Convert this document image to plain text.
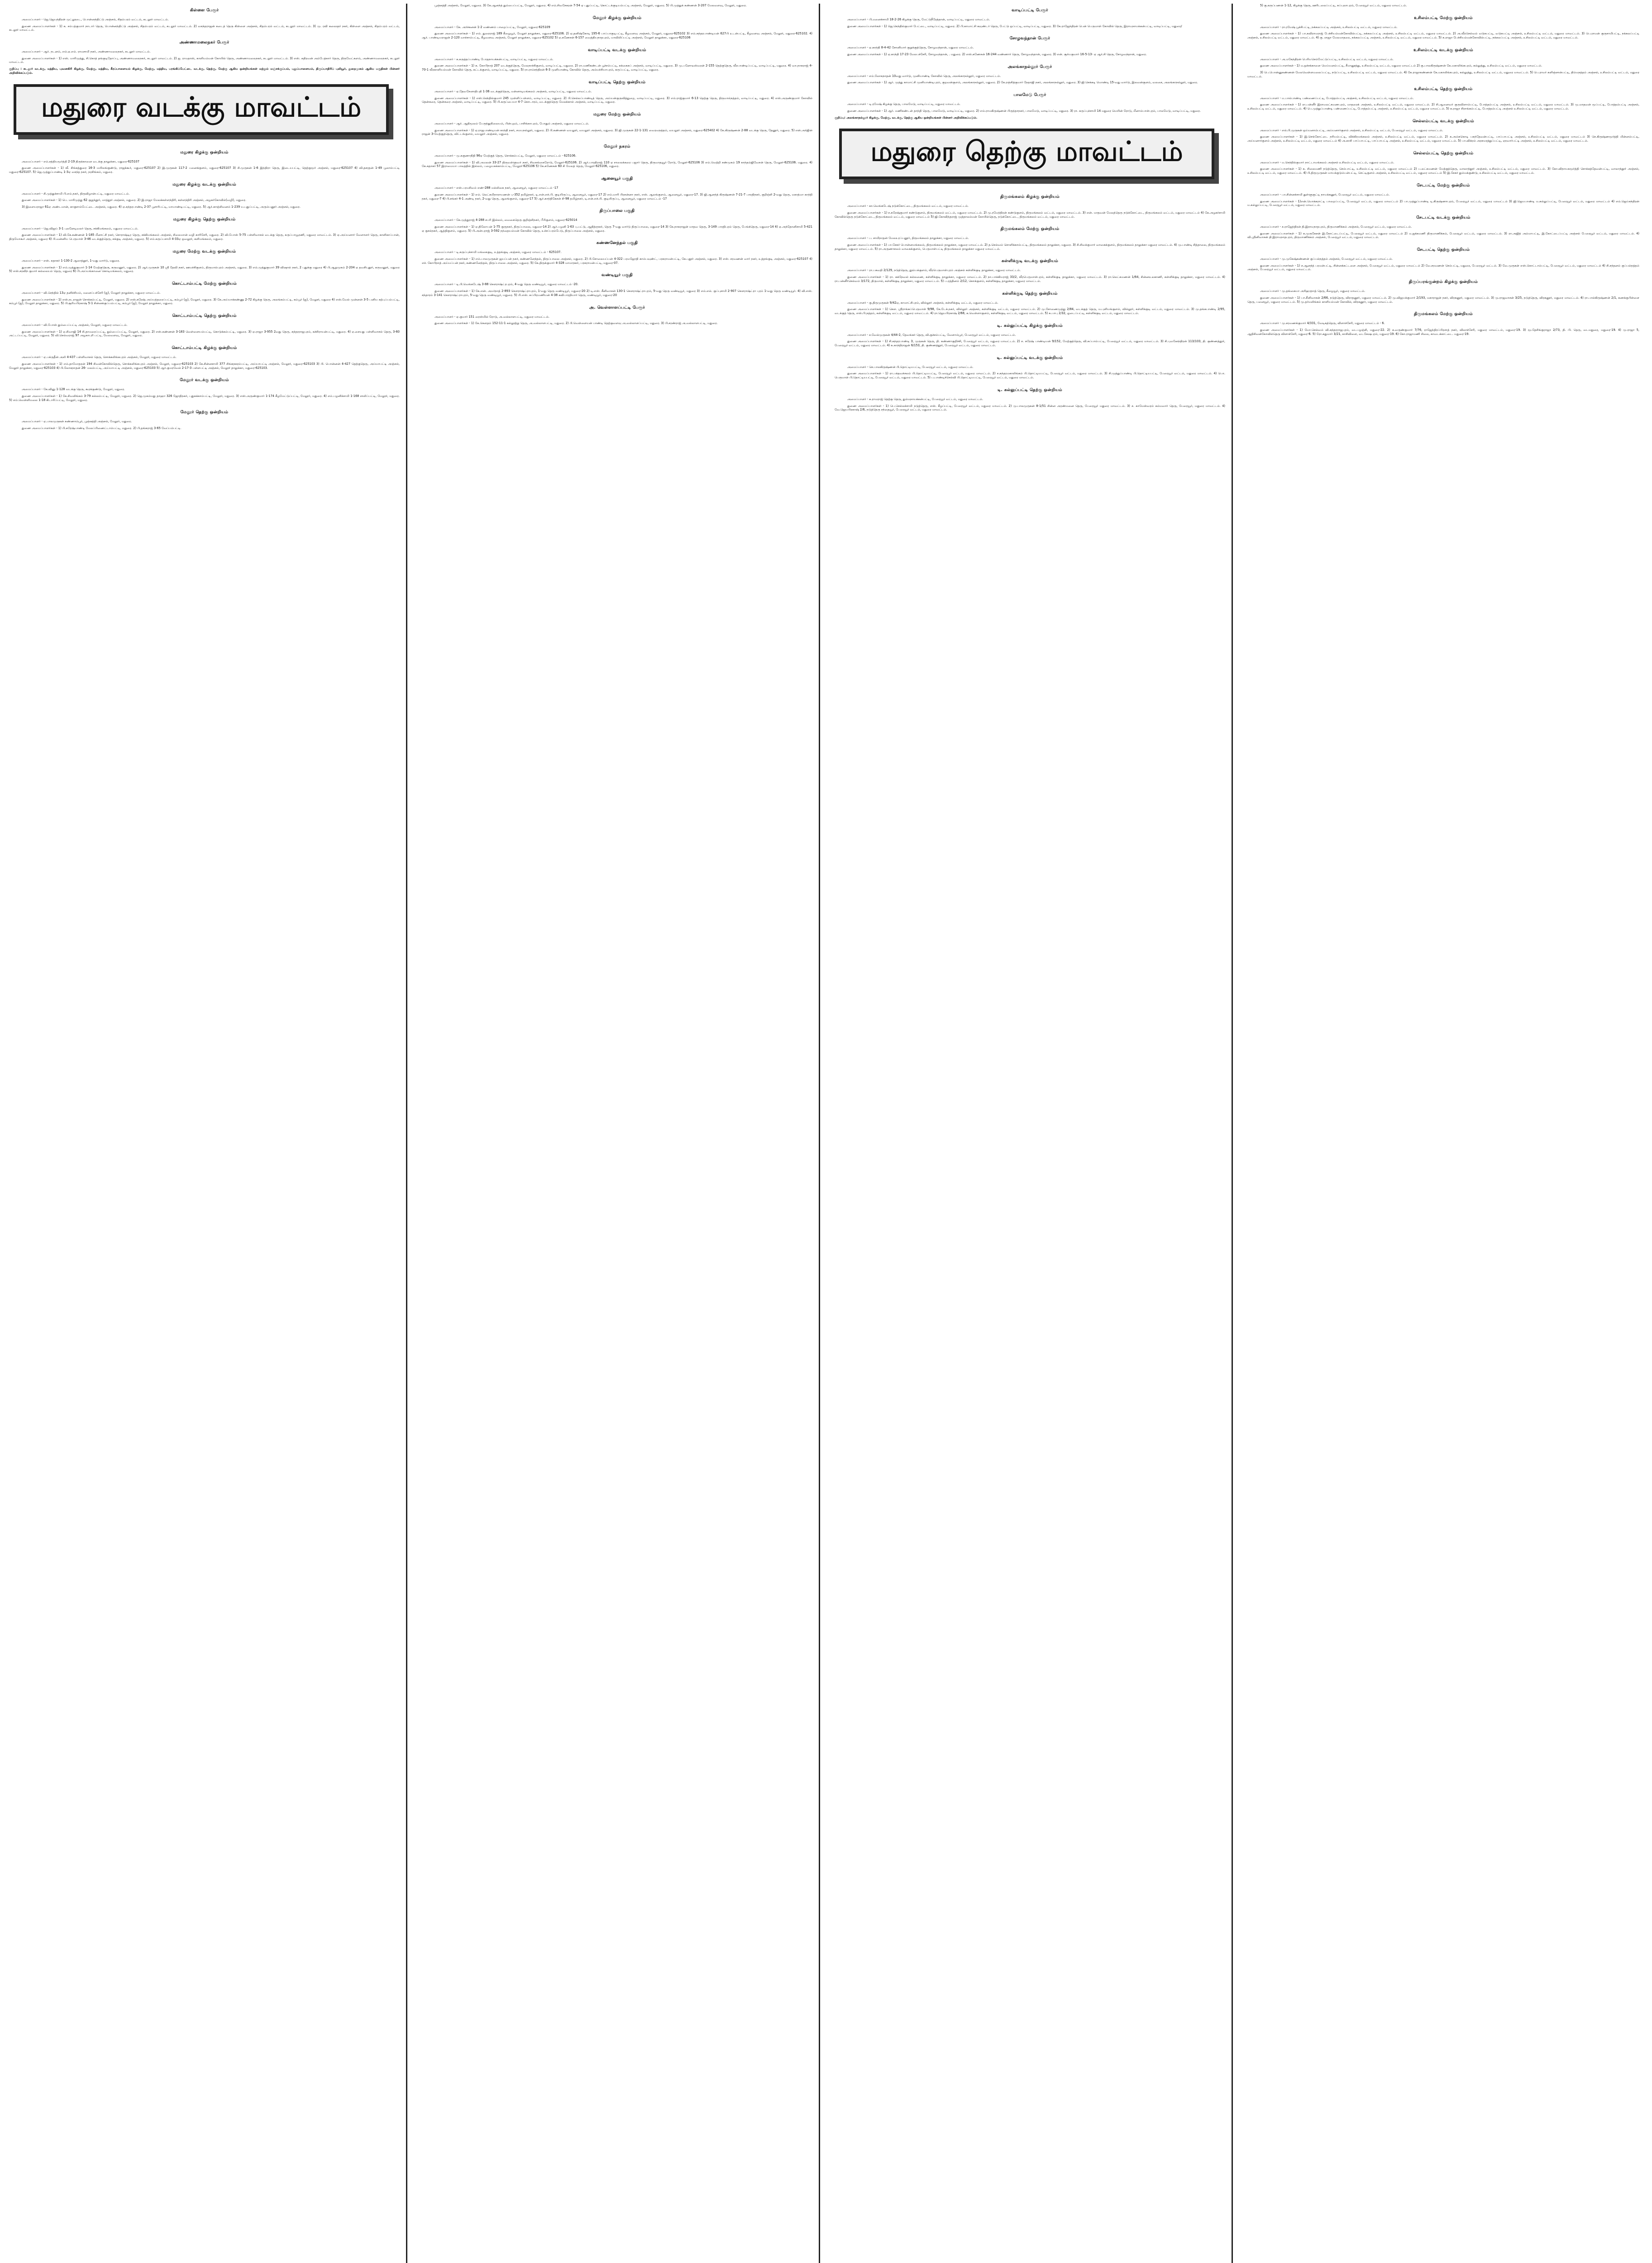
கிள்ளை பேரூர்

அமைப்பாளர் - ஜெ.ஜெயந்திரன் முட்லூடை, பொன்னந்திட்டு அஞ்சல், சிதம்பரம் வட்டம், கடலூர் மாவட்டம்.

துணை அமைப்பாளர்கள் - 1) க. சம்பத்குமார் நாடார் தெரு, பொன்னந்திட்டு அஞ்சல், சிதம்பரம் வட்டம், கடலூர் மாவட்டம். 2) வசந்தராஜன் கடைத் தெரு கிள்ளை அஞ்சல், சிதம்பரம் வட்டம், கடலூர் மாவட்டம். 3) மு. ரவி கலைஞர் நகர், கிள்ளை அஞ்சல், சிதம்பரம் வட்டம், கடலூர் மாவட்டம்.

அண்ணாமலைநகர் பேரூர்

அமைப்பாளர் - ஆர். நடனம், எம்.ஏ.எம். ராமசாமி நகர், அண்ணாமலைநகர், கடலூர் மாவட்டம்.

துணை அமைப்பாளர்கள் - 1) எஸ். மாரிமுத்து, சி.கொத் தங்குடிதோப்பு, அண்ணாமலைநகர், கடலூர் மாவட்டம். 2) ஜ. ராமதாஸ், காளியம்மன் கோயில் தெரு, அண்ணாமலைநகர், கடலூர் மாவட்டம். 3) எஸ். கதிரவன் அம்பேத்கார் தெரு, திருவேட்களம், அண்ணாமலைநகர், கடலூர் மாவட்டம்.

குறிப்பு : கடலூர் வடக்கு, மத்திய, புவனகிரி கிழக்கு, மேற்கு, மத்திய, கீரப்பாளையம் கிழக்கு, மேற்கு, மத்திய, பரங்கிப்பேட்டை வடக்கு, தெற்கு, மேற்கு ஆகிய ஒன்றியங்கள் மற்றும் மஞ்சக்குப்பம், புதுப்பாளையம், திருப்பாதிரிப் புலியூர், துறைமுகம் ஆகிய பகுதிகள் பின்னர் அறிவிக்கப்படும்.

மதுரை வடக்கு மாவட்டம்
மதுரை கிழக்கு ஒன்றியம்

அமைப்பாளர் - எம்.சத்தியமூர்த்தி 2-19 திருக்கானை வடக்கு தாலுக்கா, மதுரை-625107

துணை அமைப்பாளர்கள் - 1) வீ. சிங்கத்துரை 16-3 மயிலங்குண்டு, ராஜக்கூர், மதுரை-625107 2) இ.முருகன் 117-2 பனைக்குளம், மதுரை-625107 3) சி.முருகன் 1-6 இந்திரா தெரு, இடையபட்டி, தெற்குமூர் அஞ்சல், மதுரை-625107 4) வி.தசரதன் 1-49 பூலாம்பட்டி மதுரை-625107. 5) ஜெ.முத்துப்பாண்டி 1-3ஏ வசந்த நகர், நரசிங்கம், மதுரை.

மதுரை கிழக்கு வடக்கு ஒன்றியம்

அமைப்பாளர் - சி.முத்துச்சாமி பி.எம்.நகர், திருவிழான்பட்டி, மதுரை மாவட்டம்.

துணை அமைப்பாளர்கள் - 1) பெ. மாரிமுத்து 62 குறுந்தூர், மாத்தூர் அஞ்சல், மதுரை. 2) இ.ராஜா மேலக்கள்ளந்திரி, கள்ளந்திரி அஞ்சல், அழகர்கோவில்(வழி), மதுரை.

3) இளையராஜா 61ஏ அண்டமான், காகுசாம்பேட்டை அஞ்சல், மதுரை. 4) ஏ.சுந்தரபாண்டி 2-37 பூசாரிபட்டி, மாயாண்டிபட்டி, மதுரை. 5) ஆர்.காஞ்சிவனம் 1-239 ய.புதுப்பட்டி, அரும்பனூர் அஞ்சல், மதுரை.

மதுரை கிழக்கு தெற்கு ஒன்றியம்

அமைப்பாளர் - ஜெ.விஜய் 3-1 புலனேடிவலர் தெரு, சக்கிமங்கலம், மதுரை மாவட்டம்.

துணை அமைப்பாளர்கள் - 1) வி.கே.கண்ணன் 1-185 மீனாட்சி நகர், சொராஷ்டிர தெரு, சக்கிமங்கலம் அஞ்சல், சிலைமான் வழி காரிசேரி, மதுரை. 2) வி.போஸ் 5-75 பள்ளிவாசல் வடக்கு தெரு, கருப்பாயூரணி, மதுரை மாவட்டம். 3) ஏ.அய்யனார் வேளாளர் தெரு, காளிகாப்பான், திருமோகூர் அஞ்சல், மதுரை 4) பி.வன்னிய பெருமாள் 3-46 வடக்குத்தெரு, சக்குடி அஞ்சல், மதுரை. 5) எம்.கருப்பசாமி 4-33ஏ ஒவலூர், களிமங்கலம், மதுரை.

மதுரை மேற்கு வடக்கு ஒன்றியம்

அமைப்பாளர் - எஸ். சுதாகர் 1-130-2 ஆலாத்தூர், 1-வது வார்டு, மதுரை.

துணை அமைப்பாளர்கள் - 1) எம்.முத்துகுமார் 1-14 மேற்குதெரு, கருவனூர், மதுரை. 2) ஆர்.முருகன் 10 ஸ்ரீ தேவி நகர், ஊமச்சிகுளம், திருமால்புரம் அஞ்சல், மதுரை. 3) எம்.முத்துகுமார் 39 விஷால் நகர், 2 புதுக்கு மதுரை 4) பி.ஆறுமுகம் 2-204 ஏ தவசிபுதூர், கருவனூர், மதுரை 5) எஸ்.சரவிந் குமார் கல்லையம் தெரு, மதுரை 6) பி.அய்யங்கானை கொடிமங்கலம், மதுரை.

கொட்டாம்பட்டி மேற்கு ஒன்றியம்

அமைப்பாளர் - வி.செந்தில் 13ஏ தனிச்சியம், மனைப்பச்சேரி (ஐ), மேலூர் தாலுக்கா, மதுரை மாவட்டம்.

துணை அமைப்பாளர்கள் - 1) எஸ்.நடராஜன் சொக்கம்பட்டி, மேலூர், மதுரை. 2) எஸ்.சுரேஷ் அய்யத்தரைப்பட்டி, கம்பூர் (ஐ), மேலூர், மதுரை. 3) கே.அய்யாக்கண்ணு 2-72 கிழக்கு தெரு, அலங்கம்பட்டி, கம்பூர் (ஐ), மேலூர், மதுரை 4) எஸ்.வேல் முன்னன் 3-5 பனிய கற்புப்பம்பட்டி, கம்பூர் (ஐ), மேலூர் தாலுக்கா, மதுரை. 5) பி.சூரியபிரகாஷ் 5-1 சின்னக்குப்பம்பட்டி, கம்பூர் (ஐ), மேலூர் தாலுக்கா, மதுரை.

கொட்டாம்பட்டி தெற்கு ஒன்றியம்

அமைப்பாளர் - வி.போஸ் தும்பைப்பட்டி அஞ்சல், மேலூர், மதுரை மாவட்டம்.

துணை அமைப்பாளர்கள் - 1) ஏ.சிவாஜி 14 சி.தாமரைப்பட்டி, தும்பைப்பட்டி, மேலூர், மதுரை. 2) எஸ்.கண்ணன் 3-183 வெள்ளையம்பட்டி, கொடுக்கம்பட்டி, மதுரை. 3) ஏ.ராஜா 3-955 2வது தெரு, சுந்தரராஜபுரம், கச்சிராயன்பட்டி, மதுரை. 4) ஏ.சையது பள்ளிவாசல் தெரு, 3-60 அட்டப்பட்டி, மேலூர், மதுரை. 5) வி.செல்வராஜ் 97 அழகாபுரி பட்டி, மேலவளவு, மேலூர், மதுரை.

கொட்டாம்பட்டி கிழக்கு ஒன்றியம்

அமைப்பாளர் - ஏ.பக்ருதீன் அலி 4-437 பள்ளிவாசல் தெரு, சொக்கலிங்கபுரம் அஞ்சல், மேலூர், மதுரை மாவட்டம்.

துணை அமைப்பாளர்கள் - 1) எம்.தாமோதரன் 194 சிவன்கோவில்தெரு, சொக்கலிங்கபுரம் அஞ்சல், மேலூர், மதுரை-625103 2) கே.சின்னசாமி 377 சிங்கநகரம்பட்டி, அய்யாபட்டி அஞ்சல், மேலூர், மதுரை-625103 3) பி. பொன்னன் 4-427 தெற்குதெரு, அய்யாபட்டி அஞ்சல், மேலூர் தாலுக்கா, மதுரை-625103 4) பி.லோகநாதன் 26- மலம்பட்டி, அய்யாபட்டி அஞ்சல், மதுரை-625103 5) ஆர்.குமரவேல் 2-17-3 பள்ளபட்டி அஞ்சல், மேலூர் தாலுக்கா, மதுரை-625103.

மேலூர் வடக்கு ஒன்றியம்

அமைப்பாளர் - கே.வினு 1-128 வடக்கு தெரு, கூரக்குண்டு, மேலூர், மதுரை.

துணை அமைப்பாளர்கள் - 1) கே.சிவலிங்கம் 3-79 கல்லம்பட்டி, மேலூர், மதுரை. 2) ஜெ.முகம்மது தாஹா 326 ஜோதிநகர், புதுசுக்காம்பட்டி, மேலூர், மதுரை. 3) எஸ்.அருண்குமார் 1-174 கீழமேட்டுப்பட்டி, மேலூர், மதுரை. 4) எம்.பழனிச்சாமி 1-168 சாலிப்பட்டி, மேலூர், மதுரை. 5) எம்.வெள்ளிமலை 1-18 கிடாரிப்பட்டி, மேலூர், மதுரை.

மேலூர் தெற்கு ஒன்றியம்

அமைப்பாளர் - ஏ.பாலமுருகன் சுண்ணாம்பூர், பூஞ்சுத்தி அஞ்சல், மேலூர், மதுரை.

துணை அமைப்பாளர்கள் - 1) பி.சுரேஷ்பாண்டி மேலப்பிணைட்டாம்பட்டி, மதுரை. 2) பி.தங்கராஜ் 3-65 வேப்பம்பட்டி.

பூஞ்சுத்தி அஞ்சல், மேலூர், மதுரை. 3) கே.ஆனந்த் தும்பைப்பட்டி, மேலூர், மதுரை. 4) எம்.சிவசேகரன் 7-54 ஏ புதுப்பட்டி, கொட்டக்குடியம்பட்டி அஞ்சல், மேலூர், மதுரை. 5) பி.முத்துக் கண்ணன் 3-207 மேலவளவு, மேலூர், மதுரை.

மேலூர் கிழக்கு ஒன்றியம்

அமைப்பாளர் - கே. அர்ச்சுனன் 1-2 வண்ணம் பாறைப்பட்டி, மேலூர், மதுரை-625109

துணை அமைப்பாளர்கள் - 1) எம். துரைராஜ் 189 கீழையூர், மேலூர் தாலுக்கா, மதுரை-625106. 2) ஏ.தனிஷ்கோடி 195-6 பாப்பாகுடிபட்டி, கீழவளவு அஞ்சல், மேலூர், மதுரை-625102 3) எம்.சுந்தரபாண்டியன் 627பி உடன்பட்டி, கீழவளவு அஞ்சல், மேலூர், மதுரை-625102. 4) ஆர். பாண்டியராஜன் 2-120 வாச்சாம்பட்டி, கீழவளவு அஞ்சல், மேலூர் தாலுக்கா, மதுரை-625102 5) ஏ.கணேசன் 6-157 வைத்தியநாதபுரம், மாவிலிப்பட்டி அஞ்சல், மேலூர் தாலுக்கா, மதுரை-625106

வாடிப்பட்டி வடக்கு ஒன்றியம்

அமைப்பாளர் - சு.கருத்தப்பாண்டி போதநாயக்கன்பட்டி, வாடிப்பட்டி, மதுரை மாவட்டம்.

துணை அமைப்பாளர்கள் - 1) சு. கோபிநாத் 207 வடக்குத்தெரு, மேலநாச்சிகுளம், வாடிப்பட்டி, மதுரை. 2) ரா.மணிகண்டன் பூச்சம்பட்டி, சுக்கைசுப் அஞ்சல், வாடிப்பட்டி, மதுரை. 3) மு.பனோடீஸ்வரன் 2-155 தெற்குதெரு, வீரபாண்டிப்பட்டி, வாடிப்பட்டி, மதுரை. 4) வா.நாகராஜ் 4-70-1 வீரகாளியம்மன் கோவில் தெரு, கட்டக்குளம், வாடிப்பட்டி, மதுரை. 5) ரா.ராம்சந்திரன் 6-3 முனியாண்டி கோவில் தெரு, அம்மச்சியாபுரம், கருப்பட்டி, வாடிப்பட்டி, மதுரை.

வாடிப்பட்டி தெற்கு ஒன்றியம்

அமைப்பாளர் - ஏ.தேவசேனாதிபதி 1-36 வடக்குத்தெரு, மன்னாடிமங்கலம் அஞ்சல், வாடிப்பட்டி, மதுரை மாவட்டம்.

துணை அமைப்பாளர்கள் - 1) எஸ்.செந்தில்குமார் 245 முள்ளிப்பள்ளம், வாடிப்பட்டி, மதுரை. 2) பி.செல்லப்பாண்டித் தெரு, அய்யன்குருவித்துறை, வாடிப்பட்டி, மதுரை. 3) எம்.ராஜ்குமார் 6-13 தெற்கு தெரு, திருமால்நத்தம், வாடிப்பட்டி, மதுரை. 4) எஸ்.அருண்குமார் கோவில் தென்கரை, தென்கரை அஞ்சல், வாடிப்பட்டி, மதுரை. 5) பி.கருப்பையா 4-7 கொடாரம், வடக்குத்தெரு மேலக்கால் அஞ்சல், வாடிப்பட்டி, மதுரை.

மதுரை மேற்கு ஒன்றியம்

அமைப்பாளர் - ஆர். ஆதிமூலம் பேருந்துநிலையம், பின்புறம், பாசிங்காபுரம், போதும் அஞ்சல், மதுரை மாவட்டம்.

துணை அமைப்பாளர்கள் - 1) ஏ.ராஜபாண்டியன் காந்தி நகர், சமயநல்லூர், மதுரை. 2) பி.கண்ணன் வயலூர், வயலூர் அஞ்சல், மதுரை. 3) ஜி.முருகன் 22-1-131 வைரவநத்தம், வயலூர் அஞ்சல், மதுரை-625402 4) கே.கிருஷ்ணன் 2-88 வடக்கு தெரு, தேனூர், மதுரை. 5) என்.அர்ஜின் ராஜன் 3-மேற்குத்தெரு, விட்டங்குளம், வயலூர் அஞ்சல், மதுரை.

மேலூர் நகரம்

அமைப்பாளர் - மு.சுகுணாநிதி 96ஏ மேற்குத் தெரு, சொக்கம்பட்டி, மேலூர், மதுரை மாவட்டம் - 625106.

துணை அமைப்பாளர்கள் - 1) வி.அமலன் 33-27 திருவள்ளுவர் நகர், சிவகங்கைரோடு, மேலூர்-625106. 2) ஆர்.பாரதிராஜ் 110 ஏ சாலைக்கரை பஜார் தெரு, திருவாதவூர் ரோடு, மேலூர்-625106 3) எம்.வெற்றி சண்முகம் 19 காந்தம்ஜிவேசன் தெரு, மேலூர்-625106. மதுரை. 4) கே.சுதாகர் 57 இராமையா பாலத்தில் இல்லம், பழையசுக்காம்பட்டி, மேலூர்-625106 5) கே.கணேசன் 60 சி மேலத் தெரு, மேலூர்-625106, மதுரை.

ஆனையூர் பகுதி

அமைப்பாளர் - எஸ்.பரமசிவம் எண்-288 மல்லிகை நகர், ஆனையூர், மதுரை மாவட்டம் -17

துணை அமைப்பாளர்கள் - 1) எம். லெட்சுமிநாராயணன் பு-352 தமிழ்நகர், டி.என்.எச்.பி. குடியிருப்பு, ஆனையூர், மதுரை-17 2) எம்.மாரி பிரசன்னா நகர், எஸ். ஆலங்குளம், ஆனையூர், மதுரை-17. 3) ஜி.ஆனந்த் கிருஷ்ணன் 7-21-7 பாரதிநகர், குறிஞ்சி 2-வது தெரு, மகாத்மா காந்தி நகர், மதுரை-7 4) பி.சங்கர் 4-1 அண்டி நகர், 2-வது தெரு, ஆலங்குளம், மதுரை-17 5) ஆர்.காந்திகேசன் சி-98 தமிழ்நகர், டி.என்.எச்.பி. குடியிருப்பு, ஆனையூர், மதுரை மாவட்டம் -17

திருப்பாலை பகுதி

அமைப்பாளர் - கே.முத்துராஜ் 4-288 சபரி இல்லம், வைகைதெரு குறிஞ்சிநகர், பீபிகுளம், மதுரை-625014

துணை அமைப்பாளர்கள் - 1) ஏ.திலோபன் 1-75 குருநகர், திருப்பாலை, மதுரை-14 2) ஆர்.பழனி 1-63 பு.பட்டு, ஆதித்ரநகர், தெரு 7-வது வார்டு திருப்பாலை, மதுரை-14 3) கே.நாகராஜன் மாதவ தெரு, 3-149 பாரதிபுரம் தெரு, பேங்க்தெரு, மதுரை-14 4) ஏ.அந்தோனிசாமி 5-421 ஏ குசல்நகர், ஆத்திகுளம், மதுரை. 5) பி.அன்புராஜ் 3-592 நந்தையம்மன் கோவில் தெரு, உச்சப்பரம்பேடு, திருப்பாலை அஞ்சல், மதுரை.

கண்ணனேந்தல் பகுதி

அமைப்பாளர் - டி.கருப்புச்சாமி மங்கைகுடி, உத்தங்குடி அஞ்சல், மதுரை மாவட்டம் - 625107.

துணை அமைப்பாளர்கள் - 1) எம்.பாலமுருகன் ஜயப்பன் நகர், கண்ணனேந்தல், திருப்பாலை அஞ்சல், மதுரை. 2) பி.சோலையப்பன் 4-322 பரமஜோதி காம்பவுண்ட், பரசுராமன்பட்டி, கே.புதூர் அஞ்சல், மதுரை. 3) எஸ். சரவணன் வார் நகர், உத்தங்குடி அஞ்சல், மதுரை-625107 4) எச். கோபிநாத் அய்யப்பன் நகர், கண்ணனேந்தல், திருப்பாலை அஞ்சல், மதுரை. 5) கே.திருக்குமார் 4-328 மாமாநகர், பரசுராமன்பட்டி, மதுரை-07.

வண்டியூர் பகுதி

அமைப்பாளர் - டி.பி.வெங்கடேஷ் 3-88 சௌராஷ்ட்ரபுரம், 4-வது தெரு வண்டியூர், மதுரை மாவட்டம் -20.

துணை அமைப்பாளர்கள் - 1) கே.என். அமர்நாத் 2-893 சௌராஷ்ட்ராபுரம், 1-வது தெரு வண்டியூர், மதுரை-20 2) டி.எஸ். சீனிவாசன் 130-1 சௌராஷ்ட்ராபுரம், 5-வது தெரு வண்டியூர், மதுரை 3) எம்.எல். குப்புசாமி 2-907 சௌராஷ்ட்ரா புரம் 1-வது தெரு வண்டியூர். 4) வி.எஸ். சந்தாரம் 3-141 சௌராஷ்ட்ராபுரம், 5-வது தெரு வண்டியூர், மதுரை. 5) பி.எஸ். சுப்பிரமணியன் 4-38 கவிபாரதியார் தெரு, வண்டியூர், மதுரை-20

அ. வெள்ளாளப்பட்டி பேரூர்

அமைப்பாளர் - ஏ.குமார் 151 ரைஸ்மில் ரோடு, அ.வல்லாளபட்டி, மதுரை மாவட்டம்.

துணை அமைப்பாளர்கள் - 1) கே.கௌதம் 152-11-1 கல்லூற்று தெரு, அ.வல்லாளபட்டி, மதுரை. 2) பி.வெள்ளையன் பாண்டி தெற்குவளவு அ.வல்லாளப்பட்டி, மதுரை. 3) பி.சரண்ராஜ் அ.வல்லாளபட்டி, மதுரை.

வாடிப்பட்டி பேரூர்

அமைப்பாளர் - பி.மனைச்சாமி 18-2-26 கிழக்கு தெரு, மேட்டுநீரேத்தான், வாடிப்பட்டி, மதுரை மாவட்டம்.

துணை அமைப்பாளர்கள் - 1) ஜெ.செந்தில்குமார் பேட்டை, வாடிப்பட்டி, மதுரை. 2) பி.காமாட்சி கவுண்டர் தெரு, பேட்டு ஒப்பட்டி, வாடிப்பட்டி, மதுரை. 3) கே.ராஜேந்திரன் பென் பெருமாள் கோவில் தெரு, இராமநாயக்கன்பட்டி, வாடிப்பட்டி, மதுரை/

சோழவந்தான் பேரூர்

அமைப்பாளர் - ஏ.காந்தி 8-4-42 சோனிமார் குறுக்குத்தெரு, சோழவந்தான், மதுரை மாவட்டம்.

துணை அமைப்பாளர்கள் - 1) ஏ.காந்தி 17-23 மேலபச்சேரி, சோழவந்தான், . மதுரை. 2) எஸ்.கணேசன் 16-244 வண்ணார் தெரு, சோழவந்தான், மதுரை. 3) என். சூர்யகுமார் 16-5-13- ஏ ஆர்.சி தெரு, சோழவந்தான், மதுரை.

அலங்காநல்லூர் பேரூர்

அமைப்பாளர் - எம்.லோகநாதன் 10வது வார்டு, முனியாண்டி கோவில் தெரு, அலங்காநல்லூர், மதுரை மாவட்டம்.

துணை அமைப்பாளர்கள் - 1) ஆர். முத்து காமாட்சி முனியாண்டிபுரம், குறவன்குளம், அலங்காநல்லூர், மதுரை. 2) கே.ரஞ்சித்குமார் நேதாஜி நகர், அலங்காநல்லூர், மதுரை. 3) ஜி.செக்கடி மொண்டி 15-வது வார்டு, இலவன்குளம், வலசை, அலங்காநல்லூர், மதுரை.

பாலமேடு பேரூர்

அமைப்பாளர் - டி.ரமேஷ் கிழக்கு தெரு, பாலமேடு, வாடிப்பட்டி, மதுரை மாவட்டம்.

துணை அமைப்பாளர்கள் - 1) ஆர். மணிகண்டன் தாந்தி தெரு, பாலமேடு, வாடிப்பட்டி, மதுரை. 2) எம்.ராமகிருஷ்ணன் பிருந்தாநகர், பாலமேடு, வாடிப்பட்டி, மதுரை. 3) ரா. கருப்புச்சாமி 14 மதுரை மெயின் ரோடு, மீனாம்பாள்புரம், பாலமேடு, வாடிப்பட்டி, மதுரை.

குறிப்பு: அலங்காநல்லூர் கிழக்கு, மேற்கு, வடக்கு, தெற்கு ஆகிய ஒன்றியங்கள் பின்னர் அறிவிக்கப்படும்.

மதுரை தெற்கு மாவட்டம்
திருமங்கலம் கிழக்கு ஒன்றியம்

அமைப்பாளர் - கா.வெங்கடேஷ் நடுக்கோட்டை, திருமங்கலம் வட்டம், மதுரை மாவட்டம்.

துணை அமைப்பாளர்கள் - 1) ச.சுரேஷ்குமார் கண்டுகுளம், திருமங்கலம் வட்டம், மதுரை மாவட்டம். 2) மு.ரமேந்திரன் கண்டுகுளம், திருமங்கலம் வட்டம், மதுரை மாவட்டம். 3) என். மாதவன் மேலத்தெரு நடுக்கோட்டை, திருமங்கலம் வட்டம், மதுரை மாவட்டம் 4) கே.அழகர்சாமி கோவில்தெரு நடுக்கோட்டை, திருமங்கலம் வட்டம், மதுரை மாவட்டம் 5) ஜி.கோவிந்தராஜ் முத்தாலம்மன் கோயில்தெரு, நடுக்கோட்டை, திருமங்கலம் வட்டம், மதுரை மாவட்டம்.

திருமங்கலம் மேற்கு ஒன்றியம்

அமைப்பாளர் - ப. சாமிநாதன் மேலஉரப்பனூர், திருமங்கலம் தாலுக்கா, மதுரை மாவட்டம்.

துணை அமைப்பாளர்கள் - 1) பா.சேகர் பொன்னமங்கலம், திருமங்கலம் தாலுக்கா, மதுரை மாவட்டம். 2) த.செல்வம் சொளிக்காம்பட்டி, திருமங்கலம் தாலுக்கா, மதுரை. 3) சி.சிவக்குமார் வாகைக்குளம், திருமங்கலம் தாலுக்கா மதுரை மாவட்டம். 4) மு.பாண்டி சித்தாலை, திருமங்கலம் தாலுக்கா, மதுரை மாவட்டம். 5) ரா.அருணாசலம் வாகைக்குளம், பெருமாள்பட்டி திருமங்கலம் தாலுக்கா மதுரை மாவட்டம்.

கள்ளிக்குடி வடக்கு ஒன்றியம்

அமைப்பாளர் - ரா.பகவதி 2/129, நடுத்தெரு, தூம்பக்குளம், வீரபெருமாள்புரம் அஞ்சல் கள்ளிக்குடி தாலுக்கா, மதுரை மாவட்டம்.

துணை அமைப்பாளர்கள் - 1) ரா. சுக்நேவல் கல்லணை, கள்ளிக்குடி தாலுக்கா, மதுரை மாவட்டம். 2) நா.பாக்கியராஜ் 33/2, வீரபெருமாள்புரம், கள்ளிக்குடி தாலுக்கா, மதுரை மாவட்டம். 3) ரா.லெட்சுமணன் 1/64, சின்னஉலகாணி, கள்ளிக்குடி தாலுக்கா, மதுரை மாவட்டம். 4) ரா.பன்னீர்செல்வம் 3/172, திருமால், கள்ளிக்குடி தாலுக்கா, மதுரை மாவட்டம். 5) ப.ரத்தினம் 2/12, கொக்குளம், கள்ளிக்குடி தாலுக்கா, மதுரை மாவட்டம்.

கள்ளிக்குடி தெற்கு ஒன்றியம்

அமைப்பாளர் - கு.திருமுருகன் 9/42ஏ, காமாட்சிபுரம், வில்லூர் அஞ்சல், கள்ளிக்குடி வட்டம், மதுரை மாவட்டம்.

துணை அமைப்பாளர்கள் - 1) சௌ. ஸ்ரீராங்கப்பெருமாள் 9/98, கே.டேக்.நகர், வில்லூர் அஞ்சல், கள்ளிக்குடி வட்டம், மதுரை மாவட்டம். 2) மு.சோணைமுத்து 2/84, வடக்குத் தெரு, ம.புளியங்குளம், வில்லூர், கள்ளிக்குடி வட்டம், மதுரை மாவட்டம். 3) மு.தங்கபாண்டி 2/95, வடக்குத் தெரு, எஸ்.பி.நத்தம், கள்ளிக்குடி வட்டம், மதுரை மாவட்டம். 4) ரா.ஜெயபிரகாஷ் 2/68, க.வெள்ளாகுளம், கள்ளிக்குடி வட்டம், மதுரை மாவட்டம். 5) சு.பாபு 2/32, ஓடைப்பட்டி, கள்ளிக்குடி வட்டம், மதுரை மாவட்டம்.

டி. கல்லுப்பட்டி கிழக்கு ஒன்றியம்

அமைப்பாளர் - ச.வேல்முருகன் 4/44-2, தேவங்கர் தெரு, வி.குச்சம்பட்டி, வேளாம்பூர், பேரையூர் வட்டம், மதுரை மாவட்டம்.

துணை அமைப்பாளர்கள் - 1) சி.சுந்தரபாண்டி 3, முருகன் தெரு, தி. கண்ணாகுறிச்சி, பேரையூர் வட்டம், மதுரை மாவட்டம். 2) ச. சுரேஷ் பாண்டியன் 9/152, மேற்குத்தெரு, வி.சுப்பாம்பட்டி, பேரையூர் வட்டம், மதுரை மாவட்டம். 3) சி.புவனேந்திரன் 113/103, தி. குண்ணத்தூர், பேரையூர் வட்டம், மதுரை மாவட்டம். 4) சு.காந்திராஜன் 6/153, தி. குண்ணத்தூர், பேரையூர் வட்டம், மதுரை மாவட்டம்.

டி. கல்லுப்பட்டி வடக்கு ஒன்றியம்

அமைப்பாளர் - செ.பாலகிருஷ்ணன் பி.தொட்டியபட்டி, பேரையூர் வட்டம், மதுரை மாவட்டம்.

துணை அமைப்பாளர்கள் - 1) ரா.பக்தவச்சலம் பி.தொட்டியபட்டி, பேரையூர் வட்டம், மதுரை மாவட்டம். 2) ச.சுந்தரமகாலிங்கம் பி.தொட்டியபட்டி, பேரையூர் வட்டம், மதுரை மாவட்டம். 3) சி.முத்துப்பாண்டி பி.தொட்டியபட்டி, பேரையூர் வட்டம், மதுரை மாவட்டம். 4) பொ. பெருமாள் பி.தொட்டியபட்டி, பேரையூர் வட்டம், மதுரை மாவட்டம். 5) ப.பாண்டிச்செல்வி பி.தொட்டியபட்டி, பேரையூர் வட்டம், மதுரை மாவட்டம்.

டி. கல்லுப்பட்டி தெற்கு ஒன்றியம்

அமைப்பாளர் - சு.ராமராஜ் தெற்கு தெரு, தும்மநாயக்கன்பட்டி, பேரையூர் வட்டம், மதுரை மாவட்டம்.

துணை அமைப்பாளர்கள் - 1) பெ.செல்லச்சாமி நடுத்தெரு, எஸ். கீழப்பட்டி, பேரையூர் வட்டம், மதுரை மாவட்டம். 2) மு.பாலமுருகன் 8-1/51 சின்ன அரண்மனை தெரு, பேரையூர் மதுரை மாவட்டம். 3) ச. காமேஸ்வரம் கம்மவார் தெரு, பேரையூர், மதுரை மாவட்டம். 4) வே.ஜெயபிரகாஷ் 2/6, நடுத்தெரு சந்தையூர், பேரையூர் வட்டம், மதுரை மாவட்டம்.

5) கு.கருப்பணன் 1-12, கிழக்கு தெரு, ஊரிடலைப்பட்டி, சுப்புலாபுரம், பேரையூர் வட்டம், மதுரை மாவட்டம்.

உசிலம்பட்டி மேற்கு ஒன்றியம்

அமைப்பாளர் - ரா.ரமேஷ் பூச்சிபட்டி, நக்கலப்பட்டி அஞ்சல், உசிலம்பட்டி வட்டம், மதுரை மாவட்டம்.

துணை அமைப்பாளர்கள் - 1) பா.கவிராமராஜ் பேச்சியம்மன்கோவில்பட்டி, நக்கலப்பட்டி அஞ்சல், உசிலம்பட்டி வட்டம், மதுரை மாவட்டம். 2) அ.வீரசெல்வம் வடுகபட்டி, வடுகபட்டி அஞ்சல், உசிலம்பட்டி வட்டம், மதுரை மாவட்டம். 3) பெ.ராமன் குருசாமிபட்டி, நக்கலப்பட்டி அஞ்சல், உசிலம்பட்டி வட்டம், மதுரை மாவட்டம். 4) கு. ராஜா மேலமாதரை, நக்கலப்பட்டி அஞ்சல், உசிலம்பட்டி வட்டம், மதுரை மாவட்டம். 5) சு.ராஜா பேச்சியம்மன்கோவில்பட்டி, நக்கலப்பட்டி அஞ்சல், உசிலம்பட்டி வட்டம், மதுரை மாவட்டம்.

உசிலம்பட்டி வடக்கு ஒன்றியம்

அமைப்பாளர் - அ.மகேந்திரன் பெரியசெம்மேட்டுப்பட்டி, உசிலம்பட்டி வட்டம், மதுரை மாவட்டம்.

துணை அமைப்பாளர்கள் - 1) ம.ஒச்சக்காளை மெய்யனம்பட்டி, சீமானூத்து, உசிலம்பட்டி வட்டம், மதுரை மாவட்டம் 2) கு.பாலகிருஷ்ணன் கே.மகாலிங்கபுரம், கல்லுத்து, உசிலம்பட்டி வட்டம், மதுரை மாவட்டம்.

3) பெ.பொன்னுகண்ணன் மேலவெள்ளமலைப்பட்டி, நடுப்பட்டி, உசிலம்பட்டி வட்டம், மதுரை மாவட்டம். 4) கே.ராஜாகண்ணன் கே.மகாலிங்கபுரம், கல்லுத்து, உசிலம்பட்டி வட்டம், மதுரை மாவட்டம். 5) பெ.ராமர் சுளிஞ்சான்பட்டி, திம்மநத்தம் அஞ்சல், உசிலம்பட்டி வட்டம், மதுரை மாவட்டம்.

உசிலம்பட்டி தெற்கு ஒன்றியம்

அமைப்பாளர் - ம.பால்பாண்டி பண்ணைப்பட்டி, போத்தம்பட்டி அஞ்சல், உசிலம்பட்டி வட்டம், மதுரை மாவட்டம்.

துணை அமைப்பாளர்கள் - 1) ரா.பன்னீர் இராமலட்சுமணபுரம், மாதரைக் அஞ்சல், உசிலம்பட்டி வட்டம், மதுரை மாவட்டம். 2) சி.ஆனைவர் குருவிளாம்பட்டி, போத்தம்பட்டி அஞ்சல், உசிலம்பட்டி வட்டம், மதுரை மாவட்டம். 3) மு.மாதவன் மூப்பட்டி, போத்தம்பட்டி அஞ்சல், உசிலம்பட்டி வட்டம், மதுரை மாவட்டம். 4) பெ.முத்துப்பாண்டி பண்ணைப்பட்டி, போத்தம்பட்டி அஞ்சல், உசிலம்பட்டி வட்டம், மதுரை மாவட்டம். 5) க.ராஜா சிராங்கம்பட்டி, போத்தம்பட்டி அஞ்சல் உசிலம்பட்டி வட்டம், மதுரை மாவட்டம்.

செல்லம்பட்டி வடக்கு ஒன்றியம்

அமைப்பாளர் - எல்.பி.முருகன் ஒய்யனாம்பட்டி, அய்யனார்குளம் அஞ்சல், உசிலம்பட்டி வட்டம், பேரையூர் வட்டம், மதுரை மாவட்டம்.

துணை அமைப்பாளர்கள் - 1) இ.செங்கோட்டை நரியம்பட்டி, விக்கிரமங்கலம் அஞ்சல், உசிலம்பட்டி வட்டம், மதுரை மாவட்டம். 2) க.அம்சுகொடி பசுந்தேவன்பட்டி, பாப்பாபட்டி அஞ்சல், உசிலம்பட்டி வட்டம், மதுரை மாவட்டம் 3) செ.கிருஷ்ணமூர்த்தி மின்னம்பட்டி, அய்யனார்குளம் அஞ்சல், உசிலம்பட்டி வட்டம், மதுரை மாவட்டம் 4) அ.காசி பாப்பாபட்டி, பாப்பாபட்டி அஞ்சல், உசிலம்பட்டி வட்டம், மதுரை மாவட்டம். 5) பா.விக்ரம் அரசமரத்துப்பட்டி, ஏரவார்பட்டி அஞ்சல், உசிலம்பட்டி வட்டம், மதுரை மாவட்டம்.

செல்லம்பட்டி தெற்கு ஒன்றியம்

அமைப்பாளர் - ம.செந்தில்குமார் நாட்டாமங்கலம் அஞ்சல் உசிலம்பட்டி வட்டம், மதுரை மாவட்டம்.

துணை அமைப்பாளர்கள் - 1) க. சிலைமணி நடுத்தெரு, செம்பாட்டி, உசிலம்பட்டி வட்டம், மதுரை மாவட்டம் 2) ப.லட்சுமணன் மேற்குத்தெரு, வாலாந்தூர் அஞ்சல், உசிலம்பட்டி வட்டம், மதுரை மாவட்டம். 3) கோ.விநாயகமூர்த்தி சொக்கத்தேவன்பட்டி, வாலாந்தூர் அஞ்சல், உசிலம்பட்டி வட்டம், மதுரை மாவட்டம். 4) பி.திருமுருகன் மாயக்குடும்பன்பட்டி, செட்டிகுளம் அஞ்சல், உசிலம்பட்டி வட்டம், மதுரை மாவட்டம் 5) இ.சேகர் தும்மக்குண்டு, உசிலம்பட்டி வட்டம், மதுரை மாவட்டம்.

சேடபட்டி மேற்கு ஒன்றியம்

அமைப்பாளர் - பா.சின்னச்சாமி துள்ளுகுட்டி நாயக்கனூர், பேரையூர் வட்டம், மதுரை மாவட்டம்.

துணை அமைப்பாளர்கள் - 1)என்.மொக்கராட்டி பாறைப்பட்டி, பேரையூர் வட்டம், மதுரை மாவட்டம் 2) பா.முத்துப்பாண்டி டி.கிருஷ்ணாபுரம், பேரையூர் வட்டம், மதுரை மாவட்டம் 3) ஜி.ஜெயபாண்டி ம.கல்லுப்பட்டி, பேரையூர் வட்டம், மதுரை மாவட்டம் 4) எம்.ஜெய்சந்திரன் ம.கல்லுப்பட்டி, பேரையூர் வட்டம், மதுரை மாவட்டம்.

சேடபட்டி வடக்கு ஒன்றியம்

அமைப்பாளர் - ச.ராஜேந்திரன் தி.இராமநாதபுரம், திருமாணிக்கம் அஞ்சல், பேரையூர் வட்டம், மதுரை மாவட்டம்.

துணை அமைப்பாளர்கள் - 1) சு.முருகேசன் இ.கோட்டைப்பட்டி, பேரையூர் வட்டம், மதுரை மாவட்டம் 2) ம.ஜக்கமணி திருமாணிக்கம், பேரையூர் வட்டம், மதுரை மாவட்டம். 3) ரா.அஜித் அம்மாபட்டி, இ.கோட்டைப்பட்டி அஞ்சல் பேரையூர் வட்டம், மதுரை மாவட்டம். 4) வி.ஸ்ரீனிவாசன் தி.இராமநாதபுரம், திருமாணிக்கம் அஞ்சல், பேரையூர் வட்டம், மதுரை மாவட்டம்.

சேடபட்டி தெற்கு ஒன்றியம்

அமைப்பாளர் - மு.முகேஷ்கண்ணன் குப்பல்நத்தம் அஞ்சல், பேரையூர் வட்டம், மதுரை மாவட்டம்.

துணை அமைப்பாளர்கள் - 1) ச.ஆனந்த் பரமன்பட்டி, சின்னக்கட்டளை அஞ்சல், பேரையூர் வட்டம், மதுரை மாவட்டம் 2) வே.சரவணன் செம்பட்டி, மதுரை, பேரையூர் வட்டம். 3) வே.முருகன் எஸ்.கொட்டாம்பட்டி, பேரையூர் வட்டம், மதுரை மாவட்டம் 4) சி.சந்தனம் குப்பல்நத்தம் அஞ்சல், பேரையூர் வட்டம், மதுரை மாவட்டம்.

திருப்பரங்குன்றம் கிழக்கு ஒன்றியம்

அமைப்பாளர் - மு.தங்கையா அரிஹரநாத் தெரு, கீழையூர், மதுரை மாவட்டம்.

துணை அமைப்பாளர்கள் - 1) பா.சீனிவாசன் 2/66, நடுத்தெரு, விராதனூர், மதுரை மாவட்டம். 2) மு.விஜயக்குமார் 2/193, மகாராஜன் நகர், விரகனூர், மதுரை மாவட்டம். 3) மு.ராஜவாசன் 3/25, நடுத்தெரு, விரகனூர், மதுரை மாவட்டம். 4) ரா.பால்கிருஷ்ணன் 2/1, கணக்குபிள்ளை தெரு, பனையூர், மதுரை மாவட்டம். 5) மு.தர்மலிங்கம் காளியம்மன் கோவில், விரகனூர், மதுரை மாவட்டம்.

திருமங்கலம் மேற்கு ஒன்றியம்

அமைப்பாளர் - மு.சரவணக்குமார் 4/331, வேடிகத்தெரு, விளாச்சேரி, மதுரை மாவட்டம் - 6.

துணை அமைப்பாளர்கள் - 1) மோ.செல்வம் வி.சுந்தரராஜபுரம், வடபழஞ்சி, மதுரை-22. 2) க.வருண்குமார் 7/76, ராஜேந்திரப்பிரசாத் நகர், விலாச்சேரி, மதுரை மாவட்டம், மதுரை-19. 3) மூ.தேசிங்குராஜா 2/73, தி. பி. தெரு, வடமதுரை, மதுரை-19. 4) மு.ராஜா 5, ஆதிசிவன்கோவில்தெரு விளாச்சேரி, மதுரை-6. 5) ரோ.கதுமார் 3/21, காசிவிளை, வடகேஷபுரம், மதுரை-19. 6) கோ.ராஜாமணி சிலை, காவடக்காட்டை. மதுரை-19.
